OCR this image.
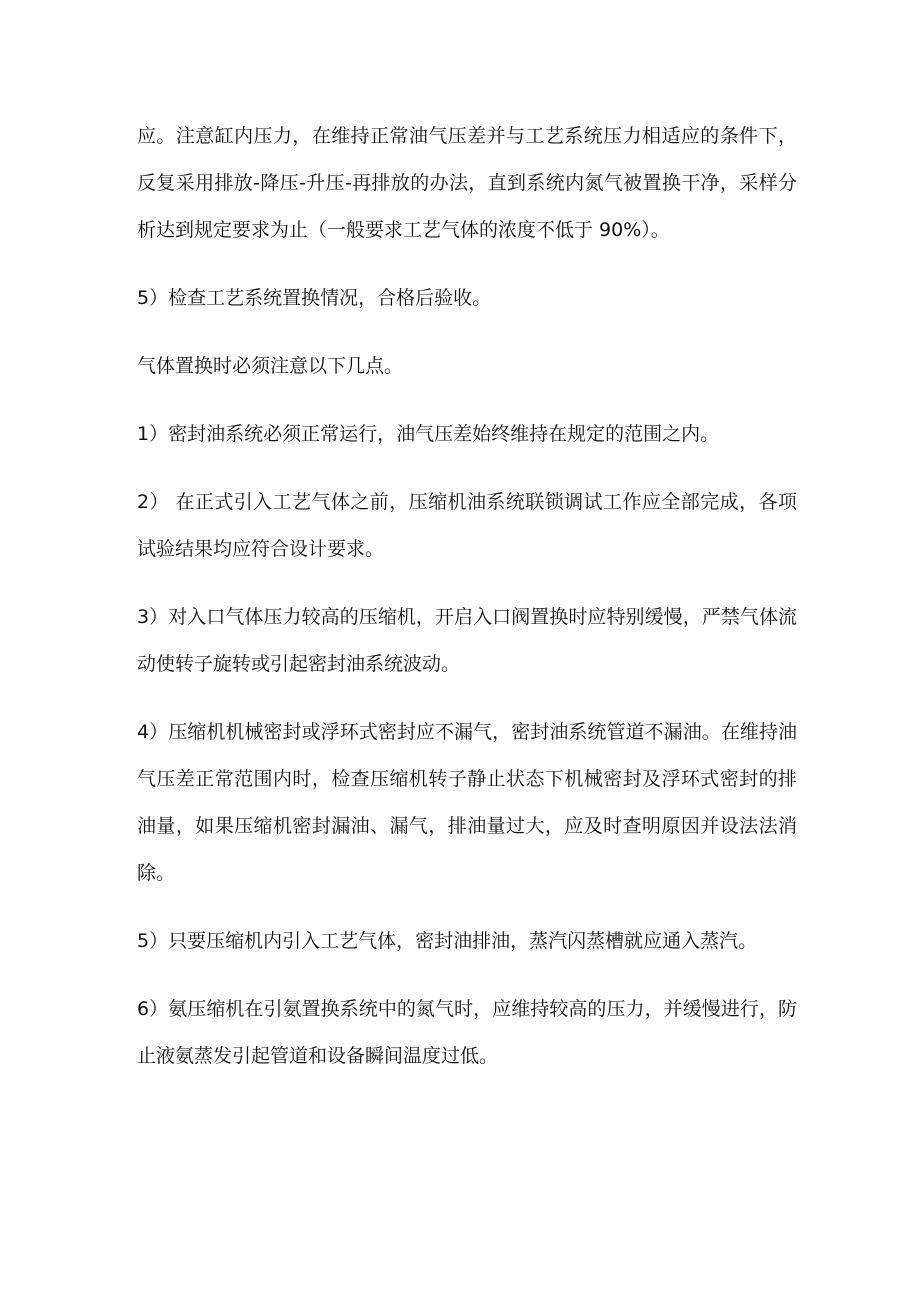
应。注意缸内压力，在维持正常油气压差并与工艺系统压力相适应的条件下，反复采用排放-降压-升压-再排放的办法，直到系统内氮气被置换干净，采样分析达到规定要求为止（一般要求工艺气体的浓度不低于 90%）。

5）检查工艺系统置换情况，合格后验收。

气体置换时必须注意以下几点。

1）密封油系统必须正常运行，油气压差始终维持在规定的范围之内。

2） 在正式引入工艺气体之前，压缩机油系统联锁调试工作应全部完成，各项试验结果均应符合设计要求。

3）对入口气体压力较高的压缩机，开启入口阀置换时应特别缓慢，严禁气体流动使转子旋转或引起密封油系统波动。

4）压缩机机械密封或浮环式密封应不漏气，密封油系统管道不漏油。在维持油气压差正常范围内时，检查压缩机转子静止状态下机械密封及浮环式密封的排油量，如果压缩机密封漏油、漏气，排油量过大，应及时查明原因并设法法消除。

5）只要压缩机内引入工艺气体，密封油排油，蒸汽闪蒸槽就应通入蒸汽。

6）氨压缩机在引氨置换系统中的氮气时，应维持较高的压力，并缓慢进行，防止液氨蒸发引起管道和设备瞬间温度过低。
